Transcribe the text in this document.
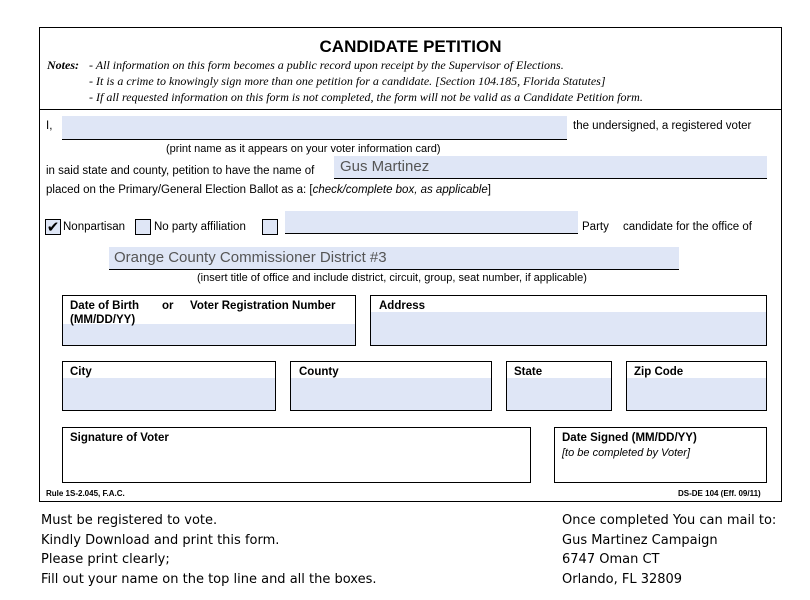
CANDIDATE PETITION
Notes: - All information on this form becomes a public record upon receipt by the Supervisor of Elections.
- It is a crime to knowingly sign more than one petition for a candidate. [Section 104.185, Florida Statutes]
- If all requested information on this form is not completed, the form will not be valid as a Candidate Petition form.
I,	the undersigned, a registered voter
(print name as it appears on your voter information card)
in said state and county, petition to have the name of Gus Martinez
placed on the Primary/General Election Ballot as a: [check/complete box, as applicable]
✔ Nonpartisan	No party affiliation	Party candidate for the office of
Orange County Commissioner District #3
(insert title of office and include district, circuit, group, seat number, if applicable)
Date of Birth
(MM/DD/YY)
or Voter Registration Number	Address
City	County	State	Zip Code
Signature of Voter	Date Signed (MM/DD/YY)
[to be completed by Voter]
Rule 1S-2.045, F.A.C.	DS-DE 104 (Eff. 09/11)
Must be registered to vote.
Kindly Download and print this form.
Please print clearly;
Fill out your name on the top line and all the boxes.
Once completed You can mail to:
Gus Martinez Campaign
6747 Oman CT
Orlando, FL 32809
